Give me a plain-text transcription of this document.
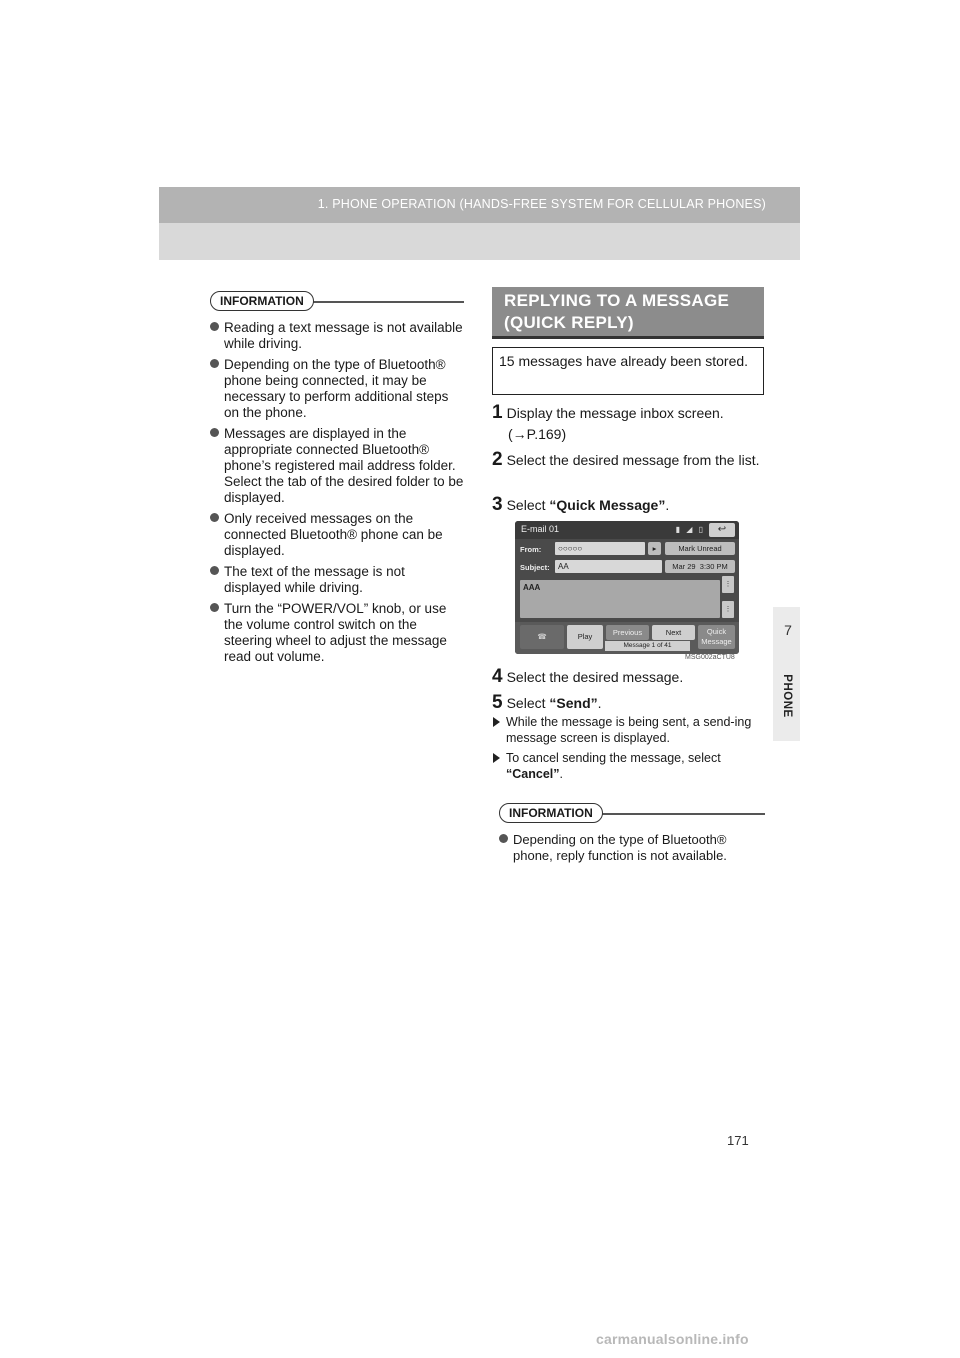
1. PHONE OPERATION (HANDS-FREE SYSTEM FOR CELLULAR PHONES)
7
PHONE
INFORMATION
Reading a text message is not available while driving.
Depending on the type of Bluetooth® phone being connected, it may be necessary to perform additional steps on the phone.
Messages are displayed in the appropriate connected Bluetooth® phone’s registered mail address folder. Select the tab of the desired folder to be displayed.
Only received messages on the connected Bluetooth® phone can be displayed.
The text of the message is not displayed while driving.
Turn the “POWER/VOL” knob, or use the volume control switch on the steering wheel to adjust the message read out volume.
REPLYING TO A MESSAGE
(QUICK REPLY)
15 messages have already been stored.
1 Display the message inbox screen.
(→P.169)
2 Select the desired message from the list.
3 Select “Quick Message”.
E-mail 01	▮ ◢ ▯	↩
From:	○○○○○	▸	Mark Unread
Subject:	AA	Mar 29 3:30 PM
AAA	⋮
⋮
☎	Play	Previous	Next	Quick
Message
Message 1 of 41
MSG002aCTU8
4 Select the desired message.
5 Select “Send”.
While the message is being sent, a send-ing message screen is displayed.
To cancel sending the message, select “Cancel”.
INFORMATION
Depending on the type of Bluetooth® phone, reply function is not available.
171
carmanualsonline.info
